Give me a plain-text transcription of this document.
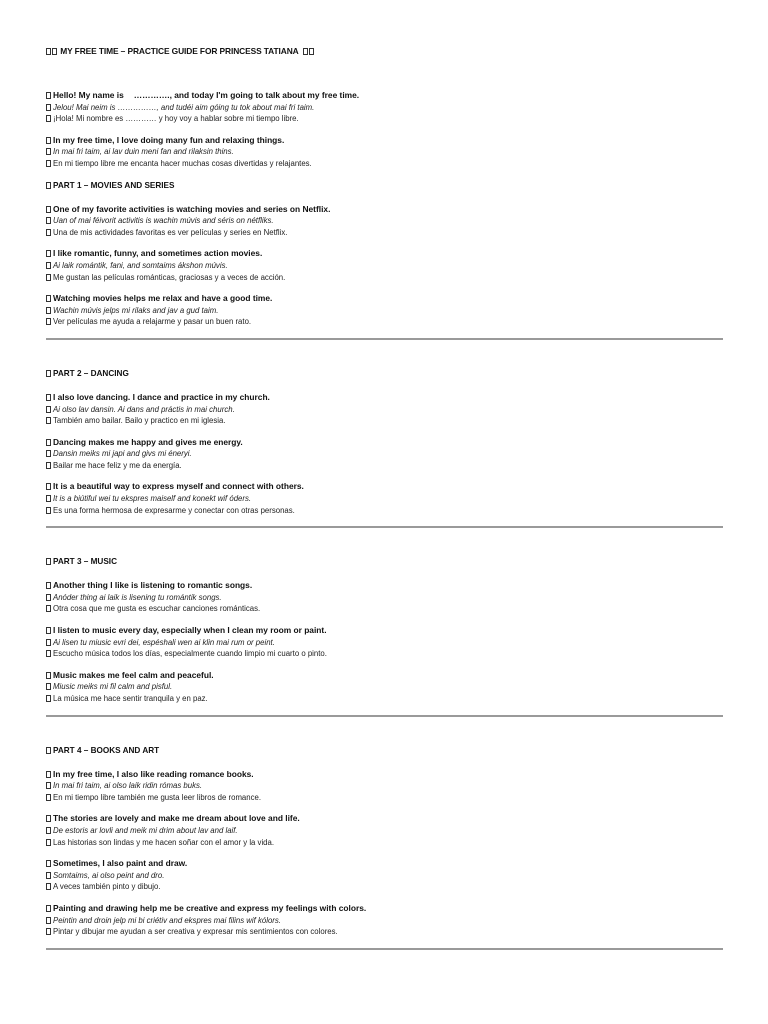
MY FREE TIME – PRACTICE GUIDE FOR PRINCESS TATIANA
Hello! My name is …………., and today I'm going to talk about my free time.
Jelou! Mai neim is ……………, and tudéi aim góing tu tok about mai fri taim.
¡Hola! Mi nombre es ………… y hoy voy a hablar sobre mi tiempo libre.
In my free time, I love doing many fun and relaxing things.
In mai fri taim, ai lav duin meni fan and rilaksin thins.
En mi tiempo libre me encanta hacer muchas cosas divertidas y relajantes.
PART 1 – MOVIES AND SERIES
One of my favorite activities is watching movies and series on Netflix.
Uan of mai féivorit activitis is wachin múvis and séris on nétfliks.
Una de mis actividades favoritas es ver películas y series en Netflix.
I like romantic, funny, and sometimes action movies.
Ai laik romántik, fani, and somtaims ákshon múvis.
Me gustan las películas románticas, graciosas y a veces de acción.
Watching movies helps me relax and have a good time.
Wachin múvis jelps mi rilaks and jav a gud taim.
Ver películas me ayuda a relajarme y pasar un buen rato.
PART 2 – DANCING
I also love dancing. I dance and practice in my church.
Ai olso lav dansin. Ai dans and práctis in mai church.
También amo bailar. Bailo y practico en mi iglesia.
Dancing makes me happy and gives me energy.
Dansin meiks mi japi and givs mi éneryi.
Bailar me hace feliz y me da energía.
It is a beautiful way to express myself and connect with others.
It is a biútiful wei tu ekspres maiself and konekt wif óders.
Es una forma hermosa de expresarme y conectar con otras personas.
PART 3 – MUSIC
Another thing I like is listening to romantic songs.
Anóder thing ai laik is lisening tu romántik songs.
Otra cosa que me gusta es escuchar canciones románticas.
I listen to music every day, especially when I clean my room or paint.
Ai lisen tu miusic evri dei, espéshali wen ai klin mai rum or peint.
Escucho música todos los días, especialmente cuando limpio mi cuarto o pinto.
Music makes me feel calm and peaceful.
Miusic meiks mi fil calm and pisful.
La música me hace sentir tranquila y en paz.
PART 4 – BOOKS AND ART
In my free time, I also like reading romance books.
In mai fri taim, ai olso laik ridin rómas buks.
En mi tiempo libre también me gusta leer libros de romance.
The stories are lovely and make me dream about love and life.
De estoris ar lovli and meik mi drim about lav and laif.
Las historias son lindas y me hacen soñar con el amor y la vida.
Sometimes, I also paint and draw.
Somtaims, ai olso peint and dro.
A veces también pinto y dibujo.
Painting and drawing help me be creative and express my feelings with colors.
Peintin and droin jelp mi bi criétiv and ekspres mai filins wif kólors.
Pintar y dibujar me ayudan a ser creativa y expresar mis sentimientos con colores.
